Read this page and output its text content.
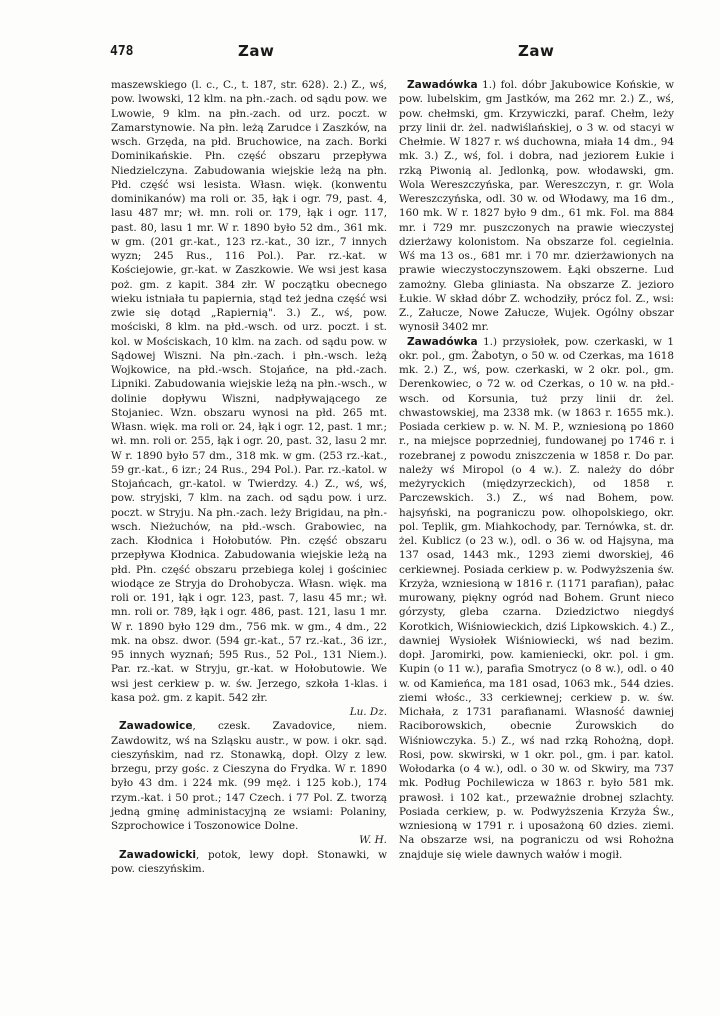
478	Zaw	Zaw

maszewskiego (l. c., C., t. 187, str. 628). 2.) Z., wś, pow. lwowski, 12 klm. na płn.-zach. od sądu pow. we Lwowie, 9 klm. na płn.-zach. od urz. poczt. w Zamarstynowie. Na płn. leżą Zarudce i Zaszków, na wsch. Grzęda, na płd. Bruchowice, na zach. Borki Dominikańskie. Płn. część obszaru przepływa Niedzielczyna. Zabudowania wiejskie leżą na płn. Płd. część wsi lesista. Własn. więk. (konwentu dominikanów) ma roli or. 35, łąk i ogr. 79, past. 4, lasu 487 mr; wł. mn. roli or. 179, łąk i ogr. 117, past. 80, lasu 1 mr. W r. 1890 było 52 dm., 361 mk. w gm. (201 gr.-kat., 123 rz.-kat., 30 izr., 7 innych wyzn; 245 Rus., 116 Pol.). Par. rz.-kat. w Kościejowie, gr.-kat. w Zaszkowie. We wsi jest kasa poż. gm. z kapit. 384 złr. W początku obecnego wieku istniała tu papiernia, stąd też jedna część wsi zwie się dotąd „Rapiernią". 3.) Z., wś, pow. mościski, 8 klm. na płd.-wsch. od urz. poczt. i st. kol. w Mościskach, 10 klm. na zach. od sądu pow. w Sądowej Wiszni. Na płn.-zach. i płn.-wsch. leżą Wojkowice, na płd.-wsch. Stojańce, na płd.-zach. Lipniki. Zabudowania wiejskie leżą na płn.-wsch., w dolinie dopływu Wiszni, nadpływającego ze Stojaniec. Wzn. obszaru wynosi na płd. 265 mt. Własn. więk. ma roli or. 24, łąk i ogr. 12, past. 1 mr.; wł. mn. roli or. 255, łąk i ogr. 20, past. 32, lasu 2 mr. W r. 1890 było 57 dm., 318 mk. w gm. (253 rz.-kat., 59 gr.-kat., 6 izr.; 24 Rus., 294 Pol.). Par. rz.-katol. w Stojańcach, gr.-katol. w Twierdzy. 4.) Z., wś, wś, pow. stryjski, 7 klm. na zach. od sądu pow. i urz. poczt. w Stryju. Na płn.-zach. leży Brigidau, na płn.-wsch. Nieżuchów, na płd.-wsch. Grabowiec, na zach. Kłodnica i Hołobutów. Płn. część obszaru przepływa Kłodnica. Zabudowania wiejskie leżą na płd. Płn. część obszaru przebiega kolej i gościniec wiodące ze Stryja do Drohobycza. Własn. więk. ma roli or. 191, łąk i ogr. 123, past. 7, lasu 45 mr.; wł. mn. roli or. 789, łąk i ogr. 486, past. 121, lasu 1 mr. W r. 1890 było 129 dm., 756 mk. w gm., 4 dm., 22 mk. na obsz. dwor. (594 gr.-kat., 57 rz.-kat., 36 izr., 95 innych wyznań; 595 Rus., 52 Pol., 131 Niem.). Par. rz.-kat. w Stryju, gr.-kat. w Hołobutowie. We wsi jest cerkiew p. w. św. Jerzego, szkoła 1-klas. i kasa poż. gm. z kapit. 542 złr.
Lu. Dz.

Zawadowice, czesk. Zavadovice, niem. Zawdowitz, wś na Szląsku austr., w pow. i okr. sąd. cieszyńskim, nad rz. Stonawką, dopł. Olzy z lew. brzegu, przy gośc. z Cieszyna do Frydka. W r. 1890 było 43 dm. i 224 mk. (99 męż. i 125 kob.), 174 rzym.-kat. i 50 prot.; 147 Czech. i 77 Pol. Z. tworzą jedną gminę administacyjną ze wsiami: Polaniny, Szprochowice i Toszonowice Dolne.
W. H.

Zawadowicki, potok, lewy dopł. Stonawki, w pow. cieszyńskim.

Zawadówka 1.) fol. dóbr Jakubowice Końskie, w pow. lubelskim, gm Jastków, ma 262 mr. 2.) Z., wś, pow. chełmski, gm. Krzywiczki, paraf. Chełm, leży przy linii dr. żel. nadwiślańskiej, o 3 w. od stacyi w Chełmie. W 1827 r. wś duchowna, miała 14 dm., 94 mk. 3.) Z., wś, fol. i dobra, nad jeziorem Łukie i rzką Piwonią al. Jedlonką, pow. włodawski, gm. Wola Wereszczyńska, par. Wereszczyn, r. gr. Wola Wereszczyńska, odl. 30 w. od Włodawy, ma 16 dm., 160 mk. W r. 1827 było 9 dm., 61 mk. Fol. ma 884 mr. i 729 mr. puszczonych na prawie wieczystej dzierżawy kolonistom. Na obszarze fol. cegielnia. Wś ma 13 os., 681 mr. i 70 mr. dzierżawionych na prawie wieczystoczynszowem. Łąki obszerne. Lud zamożny. Gleba gliniasta. Na obszarze Z. jezioro Łukie. W skład dóbr Z. wchodziły, prócz fol. Z., wsi: Z., Załucze, Nowe Załucze, Wujek. Ogólny obszar wynosił 3402 mr.

Zawadówka 1.) przysiołek, pow. czerkaski, w 1 okr. pol., gm. Żabotyn, o 50 w. od Czerkas, ma 1618 mk. 2.) Z., wś, pow. czerkaski, w 2 okr. pol., gm. Derenkowiec, o 72 w. od Czerkas, o 10 w. na płd.-wsch. od Korsunia, tuż przy linii dr. żel. chwastowskiej, ma 2338 mk. (w 1863 r. 1655 mk.). Posiada cerkiew p. w. N. M. P., wzniesioną po 1860 r., na miejsce poprzedniej, fundowanej po 1746 r. i rozebranej z powodu zniszczenia w 1858 r. Do par. należy wś Miropol (o 4 w.). Z. należy do dóbr meżyryckich (międzyrzeckich), od 1858 r. Parczewskich. 3.) Z., wś nad Bohem, pow. hajsyński, na pograniczu pow. olhopolskiego, okr. pol. Teplik, gm. Miahkochody, par. Ternówka, st. dr. żel. Kublicz (o 23 w.), odl. o 36 w. od Hajsyna, ma 137 osad, 1443 mk., 1293 ziemi dworskiej, 46 cerkiewnej. Posiada cerkiew p. w. Podwyższenia św. Krzyża, wzniesioną w 1816 r. (1171 parafian), pałac murowany, piękny ogród nad Bohem. Grunt nieco górzysty, gleba czarna. Dziedzictwo niegdyś Korotkich, Wiśniowieckich, dziś Lipkowskich. 4.) Z., dawniej Wysiołek Wiśniowiecki, wś nad bezim. dopł. Jaromirki, pow. kamieniecki, okr. pol. i gm. Kupin (o 11 w.), parafia Smotrycz (o 8 w.), odl. o 40 w. od Kamieńca, ma 181 osad, 1063 mk., 544 dzies. ziemi włośc., 33 cerkiewnej; cerkiew p. w. św. Michała, z 1731 parafianami. Własność dawniej Raciborowskich, obecnie Żurowskich do Wiśniowczyka. 5.) Z., wś nad rzką Rohożną, dopł. Rosi, pow. skwirski, w 1 okr. pol., gm. i par. katol. Wołodarka (o 4 w.), odl. o 30 w. od Skwiry, ma 737 mk. Podług Pochilewicza w 1863 r. było 581 mk. prawosł. i 102 kat., przeważnie drobnej szlachty. Posiada cerkiew, p. w. Podwyższenia Krzyża Św., wzniesioną w 1791 r. i uposażoną 60 dzies. ziemi. Na obszarze wsi, na pograniczu od wsi Rohożna znajduje się wiele dawnych wałów i mogił.
